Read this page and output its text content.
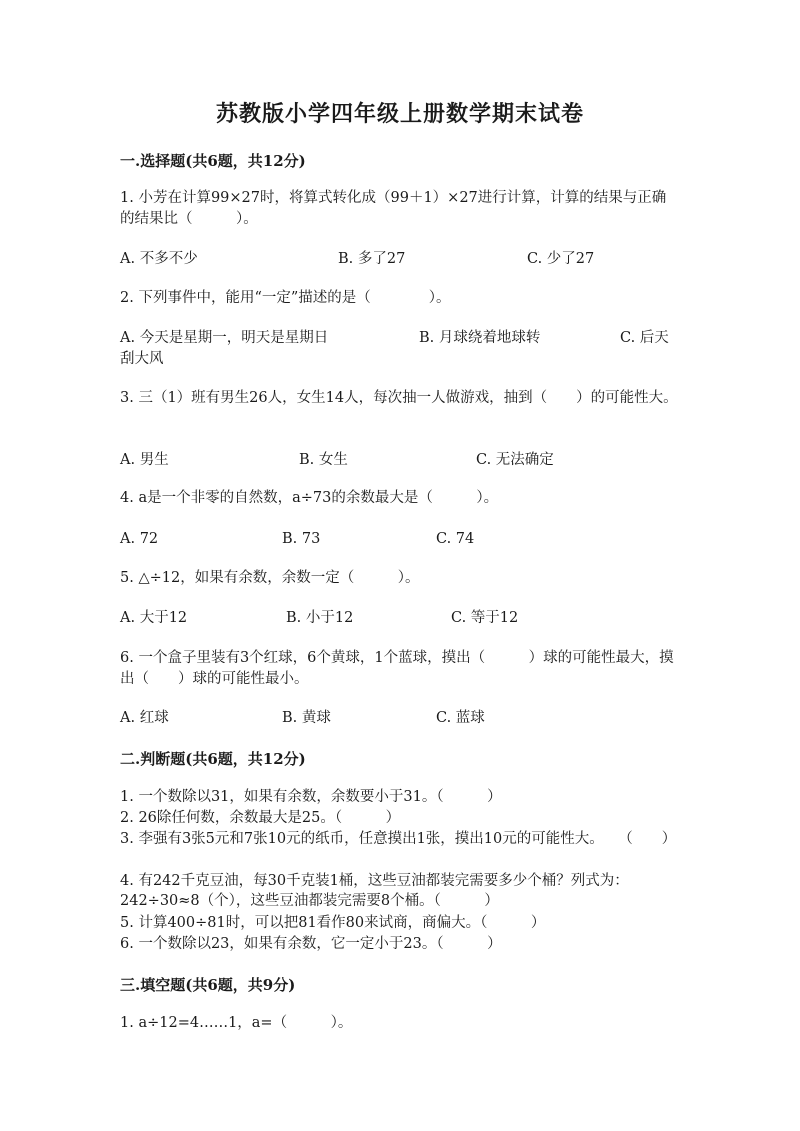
苏教版小学四年级上册数学期末试卷
一.选择题(共6题，共12分)
1. 小芳在计算99×27时，将算式转化成（99＋1）×27进行计算，计算的结果与正确的结果比（　　　）。
A. 不多不少	B. 多了27	C. 少了27
2. 下列事件中，能用“一定”描述的是（　　　　）。
A. 今天是星期一，明天是星期日	B. 月球绕着地球转	C. 后天刮大风
3. 三（1）班有男生26人，女生14人，每次抽一人做游戏，抽到（　　）的可能性大。
A. 男生	B. 女生	C. 无法确定
4. a是一个非零的自然数，a÷73的余数最大是（　　　）。
A. 72	B. 73	C. 74
5. △÷12，如果有余数，余数一定（　　　）。
A. 大于12	B. 小于12	C. 等于12
6. 一个盒子里装有3个红球，6个黄球，1个蓝球，摸出（　　　）球的可能性最大，摸出（　　）球的可能性最小。
A. 红球	B. 黄球	C. 蓝球
二.判断题(共6题，共12分)
1. 一个数除以31，如果有余数，余数要小于31。（　　　）
2. 26除任何数，余数最大是25。（　　　）
3. 李强有3张5元和7张10元的纸币，任意摸出1张，摸出10元的可能性大。　　（　　）
4. 有242千克豆油，每30千克装1桶，这些豆油都装完需要多少个桶？列式为：242÷30≈8（个），这些豆油都装完需要8个桶。（　　　）
5. 计算400÷81时，可以把81看作80来试商，商偏大。（　　　）
6. 一个数除以23，如果有余数，它一定小于23。（　　　）
三.填空题(共6题，共9分)
1. a÷12=4……1，a=（　　　）。
